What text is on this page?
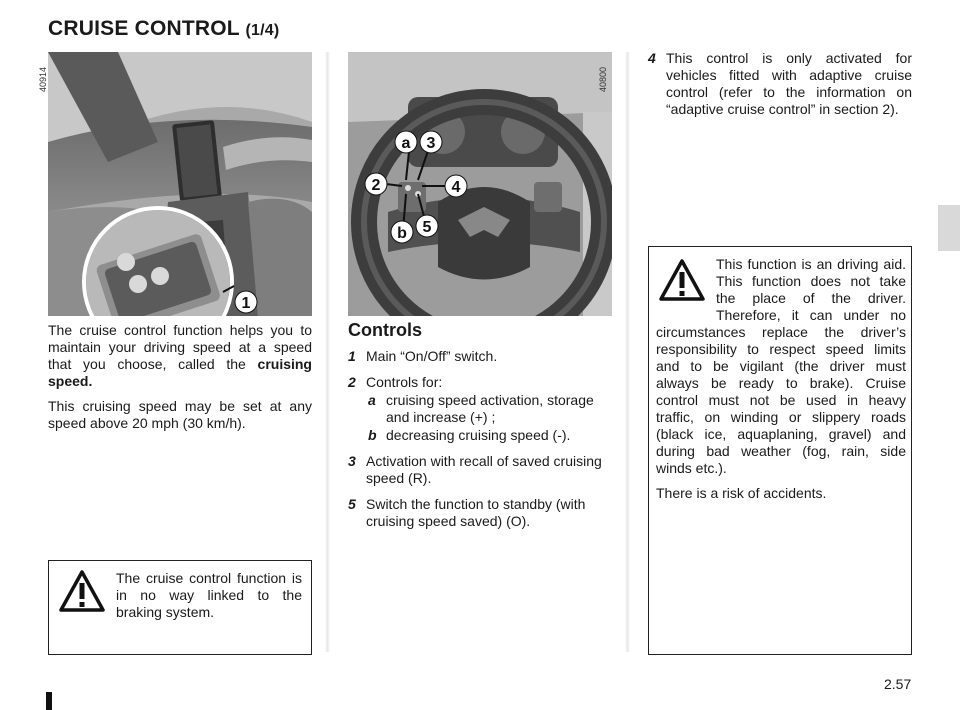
CRUISE CONTROL (1/4)
1
40914
a 3
2	4
b 5
40800

The cruise control function helps you to maintain your driving speed at a speed that you choose, called the cruising speed.

This cruising speed may be set at any speed above 20 mph (30 km/h).

Controls
1 Main “On/Off” switch.
2 Controls for:
a cruising speed activation, storage and increase (+) ;
b decreasing cruising speed (-).
3 Activation with recall of saved cruising speed (R).
5 Switch the function to standby (with cruising speed saved) (O).
4 This control is only activated for vehicles fitted with adaptive cruise control (refer to the information on “adaptive cruise control” in section 2).
The cruise control function is in no way linked to the braking system.
This function is an driving aid. This function does not take the place of the driver. Therefore, it can under no circumstances replace the driver’s responsibility to respect speed limits and to be vigilant (the driver must always be ready to brake). Cruise control must not be used in heavy traffic, on winding or slippery roads (black ice, aquaplaning, gravel) and during bad weather (fog, rain, side winds etc.).
There is a risk of accidents.
2.57
